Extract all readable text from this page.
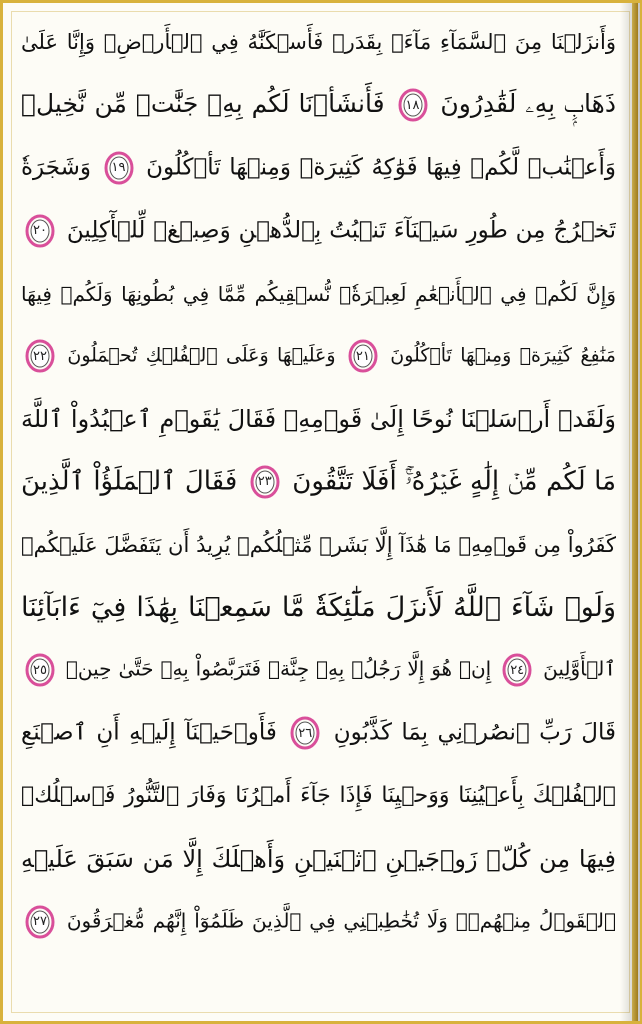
وَأَنزَلۡنَا مِنَ ٱلسَّمَآءِ مَآءَۢ بِقَدَرٖ فَأَسۡكَنَّٰهُ فِي ٱلۡأَرۡضِۖ وَإِنَّا عَلَىٰ
ذَهَابِۭ بِهِۦ لَقَٰدِرُونَ
١٨
فَأَنشَأۡنَا لَكُم بِهِۦ جَنَّٰتٖ مِّن نَّخِيلٖ
وَأَعۡنَٰبٖ لَّكُمۡ فِيهَا فَوَٰكِهُ كَثِيرَةٞ وَمِنۡهَا تَأۡكُلُونَ
١٩
وَشَجَرَةٗ
تَخۡرُجُ مِن طُورِ سَيۡنَآءَ تَنۢبُتُ بِٱلدُّهۡنِ وَصِبۡغٖ لِّلۡأٓكِلِينَ
٢٠
وَإِنَّ لَكُمۡ فِي ٱلۡأَنۡعَٰمِ لَعِبۡرَةٗۖ نُّسۡقِيكُم مِّمَّا فِي بُطُونِهَا وَلَكُمۡ فِيهَا
مَنَٰفِعُ كَثِيرَةٞ وَمِنۡهَا تَأۡكُلُونَ
٢١
وَعَلَيۡهَا وَعَلَى ٱلۡفُلۡكِ تُحۡمَلُونَ
٢٢
وَلَقَدۡ أَرۡسَلۡنَا نُوحًا إِلَىٰ قَوۡمِهِۦ فَقَالَ يَٰقَوۡمِ ٱعۡبُدُواْ ٱللَّهَ
مَا لَكُم مِّنۡ إِلَٰهٍ غَيۡرُهُۥٓۚ أَفَلَا تَتَّقُونَ
٢٣
فَقَالَ ٱلۡمَلَؤُاْ ٱلَّذِينَ
كَفَرُواْ مِن قَوۡمِهِۦ مَا هَٰذَآ إِلَّا بَشَرٞ مِّثۡلُكُمۡ يُرِيدُ أَن يَتَفَضَّلَ عَلَيۡكُمۡ
وَلَوۡ شَآءَ ٱللَّهُ لَأَنزَلَ مَلَٰٓئِكَةٗ مَّا سَمِعۡنَا بِهَٰذَا فِيٓ ءَابَآئِنَا
ٱلۡأَوَّلِينَ
٢٤
إِنۡ هُوَ إِلَّا رَجُلُۢ بِهِۦ جِنَّةٞ فَتَرَبَّصُواْ بِهِۦ حَتَّىٰ حِينٖ
٢٥
قَالَ رَبِّ ٱنصُرۡنِي بِمَا كَذَّبُونِ
٢٦
فَأَوۡحَيۡنَآ إِلَيۡهِ أَنِ ٱصۡنَعِ
ٱلۡفُلۡكَ بِأَعۡيُنِنَا وَوَحۡيِنَا فَإِذَا جَآءَ أَمۡرُنَا وَفَارَ ٱلتَّنُّورُ فَٱسۡلُكۡ
فِيهَا مِن كُلّٖ زَوۡجَيۡنِ ٱثۡنَيۡنِ وَأَهۡلَكَ إِلَّا مَن سَبَقَ عَلَيۡهِ
ٱلۡقَوۡلُ مِنۡهُمۡۖ وَلَا تُخَٰطِبۡنِي فِي ٱلَّذِينَ ظَلَمُوٓاْ إِنَّهُم مُّغۡرَقُونَ
٢٧
